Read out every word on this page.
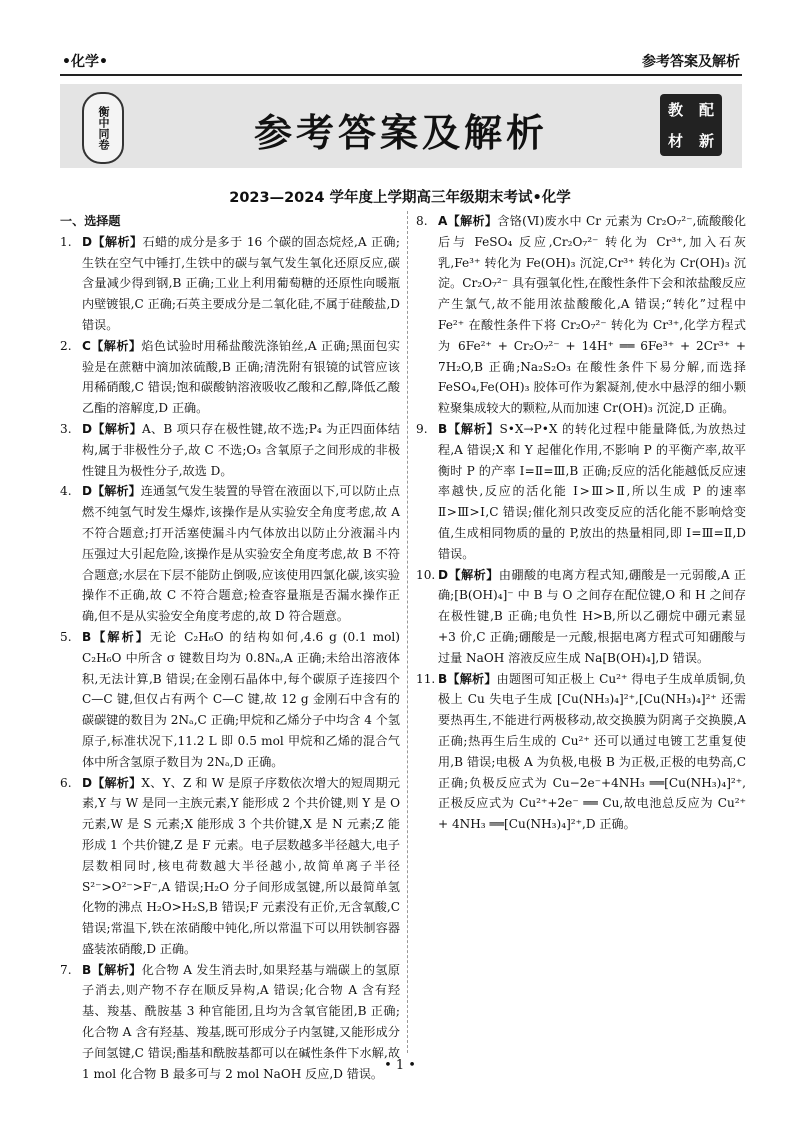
•化学•	参考答案及解析
衡中同卷	参考答案及解析
教 配
材 新
2023—2024 学年度上学期高三年级期末考试•化学
一、选择题
1. D【解析】石蜡的成分是多于 16 个碳的固态烷烃,A 正确;生铁在空气中锤打,生铁中的碳与氧气发生氧化还原反应,碳含量减少得到钢,B 正确;工业上利用葡萄糖的还原性向暖瓶内壁镀银,C 正确;石英主要成分是二氧化硅,不属于硅酸盐,D 错误。
2. C【解析】焰色试验时用稀盐酸洗涤铂丝,A 正确;黑面包实验是在蔗糖中滴加浓硫酸,B 正确;清洗附有银镜的试管应该用稀硝酸,C 错误;饱和碳酸钠溶液吸收乙酸和乙醇,降低乙酸乙酯的溶解度,D 正确。
3. D【解析】A、B 项只存在极性键,故不选;P₄ 为正四面体结构,属于非极性分子,故 C 不选;O₃ 含氧原子之间形成的非极性键且为极性分子,故选 D。
4. D【解析】连通氢气发生装置的导管在液面以下,可以防止点燃不纯氢气时发生爆炸,该操作是从实验安全角度考虑,故 A 不符合题意;打开活塞使漏斗内气体放出以防止分液漏斗内压强过大引起危险,该操作是从实验安全角度考虑,故 B 不符合题意;水层在下层不能防止倒吸,应该使用四氯化碳,该实验操作不正确,故 C 不符合题意;检查容量瓶是否漏水操作正确,但不是从实验安全角度考虑的,故 D 符合题意。
5. B【解析】无论 C₂H₆O 的结构如何,4.6 g (0.1 mol) C₂H₆O 中所含 σ 键数目均为 0.8Nₐ,A 正确;未给出溶液体积,无法计算,B 错误;在金刚石晶体中,每个碳原子连接四个 C—C 键,但仅占有两个 C—C 键,故 12 g 金刚石中含有的碳碳键的数目为 2Nₐ,C 正确;甲烷和乙烯分子中均含 4 个氢原子,标准状况下,11.2 L 即 0.5 mol 甲烷和乙烯的混合气体中所含氢原子数目为 2Nₐ,D 正确。
6. D【解析】X、Y、Z 和 W 是原子序数依次增大的短周期元素,Y 与 W 是同一主族元素,Y 能形成 2 个共价键,则 Y 是 O 元素,W 是 S 元素;X 能形成 3 个共价键,X 是 N 元素;Z 能形成 1 个共价键,Z 是 F 元素。电子层数越多半径越大,电子层数相同时,核电荷数越大半径越小,故简单离子半径 S²⁻>O²⁻>F⁻,A 错误;H₂O 分子间形成氢键,所以最简单氢化物的沸点 H₂O>H₂S,B 错误;F 元素没有正价,无含氧酸,C 错误;常温下,铁在浓硝酸中钝化,所以常温下可以用铁制容器盛装浓硝酸,D 正确。
7. B【解析】化合物 A 发生消去时,如果羟基与端碳上的氢原子消去,则产物不存在顺反异构,A 错误;化合物 A 含有羟基、羧基、酰胺基 3 种官能团,且均为含氧官能团,B 正确;化合物 A 含有羟基、羧基,既可形成分子内氢键,又能形成分子间氢键,C 错误;酯基和酰胺基都可以在碱性条件下水解,故 1 mol 化合物 B 最多可与 2 mol NaOH 反应,D 错误。
8. A【解析】含铬(Ⅵ)废水中 Cr 元素为 Cr₂O₇²⁻,硫酸酸化后与 FeSO₄ 反应,Cr₂O₇²⁻ 转化为 Cr³⁺,加入石灰乳,Fe³⁺ 转化为 Fe(OH)₃ 沉淀,Cr³⁺ 转化为 Cr(OH)₃ 沉淀。Cr₂O₇²⁻ 具有强氧化性,在酸性条件下会和浓盐酸反应产生氯气,故不能用浓盐酸酸化,A 错误;“转化”过程中 Fe²⁺ 在酸性条件下将 Cr₂O₇²⁻ 转化为 Cr³⁺,化学方程式为 6Fe²⁺ + Cr₂O₇²⁻ + 14H⁺ ══ 6Fe³⁺ + 2Cr³⁺ + 7H₂O,B 正确;Na₂S₂O₃ 在酸性条件下易分解,而选择 FeSO₄,Fe(OH)₃ 胶体可作为絮凝剂,使水中悬浮的细小颗粒聚集成较大的颗粒,从而加速 Cr(OH)₃ 沉淀,D 正确。
9. B【解析】S•X→P•X 的转化过程中能量降低,为放热过程,A 错误;X 和 Y 起催化作用,不影响 P 的平衡产率,故平衡时 P 的产率 Ⅰ=Ⅱ=Ⅲ,B 正确;反应的活化能越低反应速率越快,反应的活化能 Ⅰ>Ⅲ>Ⅱ,所以生成 P 的速率 Ⅱ>Ⅲ>Ⅰ,C 错误;催化剂只改变反应的活化能不影响焓变值,生成相同物质的量的 P,放出的热量相同,即 Ⅰ=Ⅲ=Ⅱ,D 错误。
10. D【解析】由硼酸的电离方程式知,硼酸是一元弱酸,A 正确;[B(OH)₄]⁻ 中 B 与 O 之间存在配位键,O 和 H 之间存在极性键,B 正确;电负性 H>B,所以乙硼烷中硼元素显 +3 价,C 正确;硼酸是一元酸,根据电离方程式可知硼酸与过量 NaOH 溶液反应生成 Na[B(OH)₄],D 错误。
11. B【解析】由题图可知正极上 Cu²⁺ 得电子生成单质铜,负极上 Cu 失电子生成 [Cu(NH₃)₄]²⁺,[Cu(NH₃)₄]²⁺ 还需要热再生,不能进行两极移动,故交换膜为阴离子交换膜,A 正确;热再生后生成的 Cu²⁺ 还可以通过电镀工艺重复使用,B 错误;电极 A 为负极,电极 B 为正极,正极的电势高,C 正确;负极反应式为 Cu−2e⁻+4NH₃ ══[Cu(NH₃)₄]²⁺,正极反应式为 Cu²⁺+2e⁻ ══ Cu,故电池总反应为 Cu²⁺ + 4NH₃ ══[Cu(NH₃)₄]²⁺,D 正确。
• 1 •
